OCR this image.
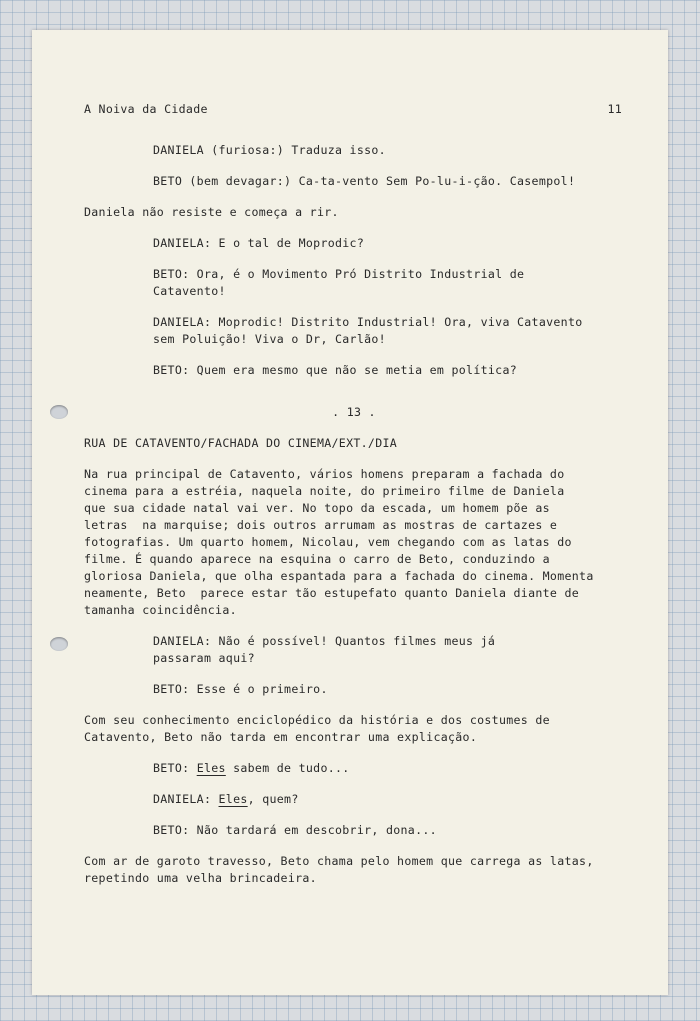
A Noiva da Cidade	11

DANIELA (furiosa:) Traduza isso.

BETO (bem devagar:) Ca-ta-vento Sem Po-lu-i-ção. Casempol!

Daniela não resiste e começa a rir.

DANIELA: E o tal de Moprodic?

BETO: Ora, é o Movimento Pró Distrito Industrial de

Catavento!

DANIELA: Moprodic! Distrito Industrial! Ora, viva Catavento

sem Poluição! Viva o Dr, Carlão!

BETO: Quem era mesmo que não se metia em política?

. 13 .

RUA DE CATAVENTO/FACHADA DO CINEMA/EXT./DIA

Na rua principal de Catavento, vários homens preparam a fachada do

cinema para a estréia, naquela noite, do primeiro filme de Daniela

que sua cidade natal vai ver. No topo da escada, um homem põe as

letras  na marquise; dois outros arrumam as mostras de cartazes e

fotografias. Um quarto homem, Nicolau, vem chegando com as latas do

filme. É quando aparece na esquina o carro de Beto, conduzindo a

gloriosa Daniela, que olha espantada para a fachada do cinema. Momenta

neamente, Beto  parece estar tão estupefato quanto Daniela diante de

tamanha coincidência.

DANIELA: Não é possível! Quantos filmes meus já

passaram aqui?

BETO: Esse é o primeiro.

Com seu conhecimento enciclopédico da história e dos costumes de

Catavento, Beto não tarda em encontrar uma explicação.

BETO: Eles sabem de tudo...

DANIELA: Eles, quem?

BETO: Não tardará em descobrir, dona...

Com ar de garoto travesso, Beto chama pelo homem que carrega as latas,

repetindo uma velha brincadeira.
